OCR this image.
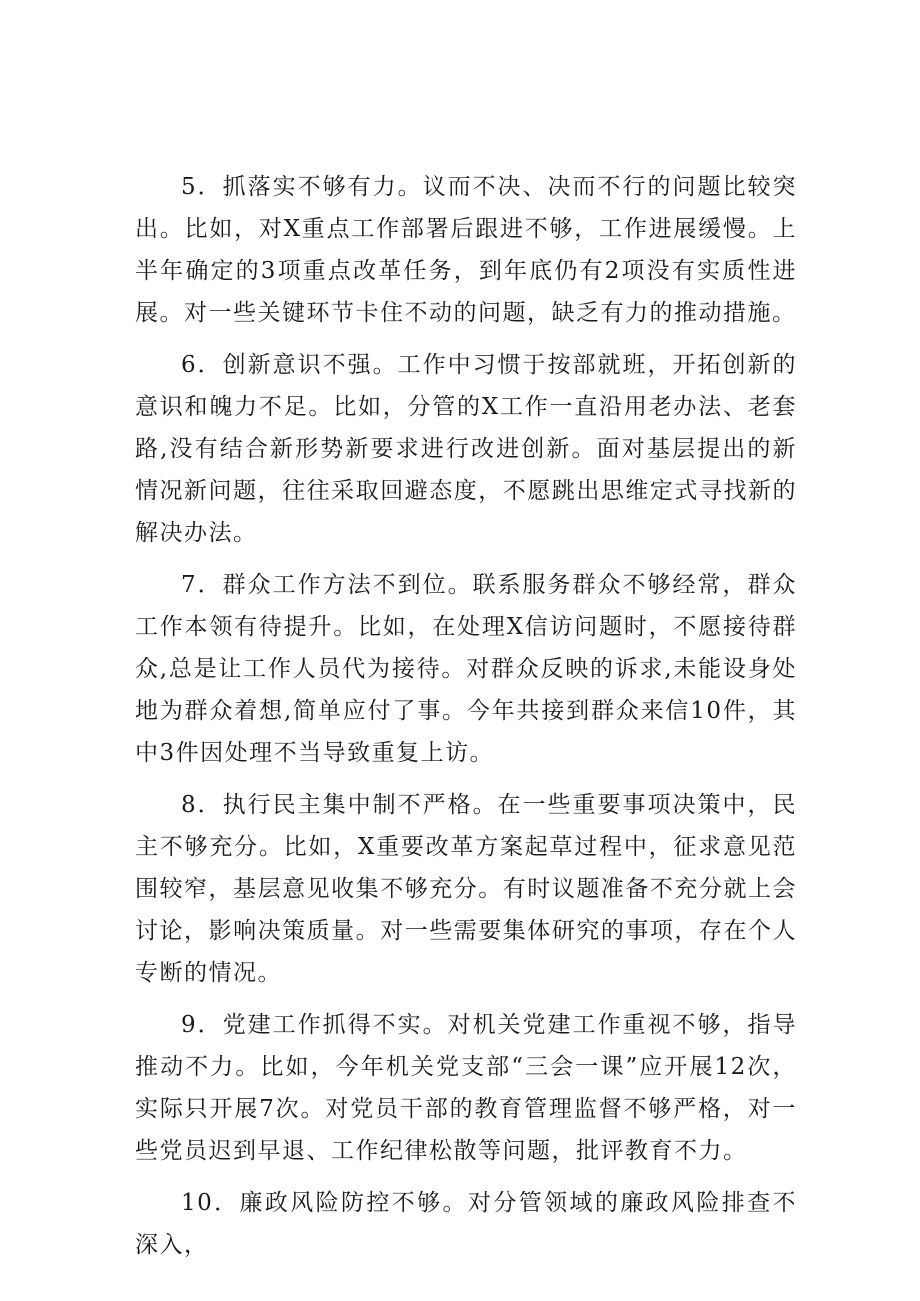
5．抓落实不够有力。议而不决、决而不行的问题比较突出。比如，对X重点工作部署后跟进不够，工作进展缓慢。上半年确定的3项重点改革任务，到年底仍有2项没有实质性进展。对一些关键环节卡住不动的问题，缺乏有力的推动措施。

6．创新意识不强。工作中习惯于按部就班，开拓创新的意识和魄力不足。比如，分管的X工作一直沿用老办法、老套路,没有结合新形势新要求进行改进创新。面对基层提出的新情况新问题，往往采取回避态度，不愿跳出思维定式寻找新的解决办法。

7．群众工作方法不到位。联系服务群众不够经常，群众工作本领有待提升。比如，在处理X信访问题时，不愿接待群众,总是让工作人员代为接待。对群众反映的诉求,未能设身处地为群众着想,简单应付了事。今年共接到群众来信10件，其中3件因处理不当导致重复上访。

8．执行民主集中制不严格。在一些重要事项决策中，民主不够充分。比如，X重要改革方案起草过程中，征求意见范围较窄，基层意见收集不够充分。有时议题准备不充分就上会讨论，影响决策质量。对一些需要集体研究的事项，存在个人专断的情况。

9．党建工作抓得不实。对机关党建工作重视不够，指导推动不力。比如，今年机关党支部“三会一课”应开展12次，实际只开展7次。对党员干部的教育管理监督不够严格，对一些党员迟到早退、工作纪律松散等问题，批评教育不力。

10．廉政风险防控不够。对分管领域的廉政风险排查不深入，
